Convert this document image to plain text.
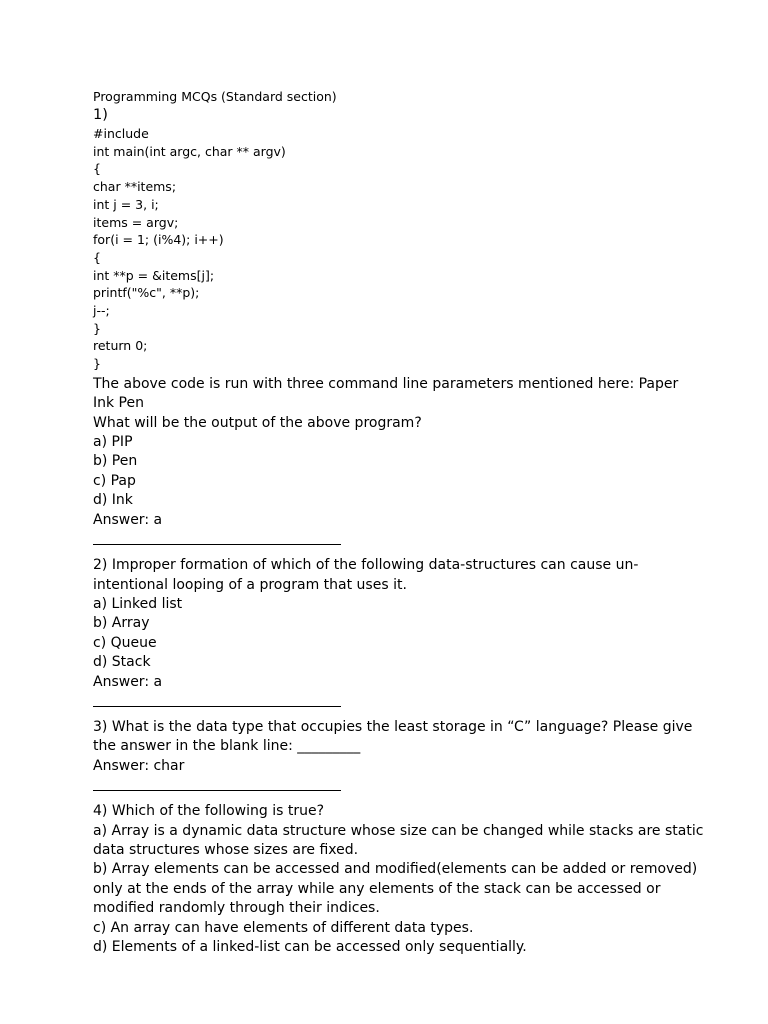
Programming MCQs (Standard section)
1)
#include
int main(int argc, char ** argv)
{
char **items;
int j = 3, i;
items = argv;
for(i = 1; (i%4); i++)
{
int **p = &items[j];
printf("%c", **p);
j--;
}
return 0;
}
The above code is run with three command line parameters mentioned here: Paper
Ink Pen
What will be the output of the above program?
a) PIP
b) Pen
c) Pap
d) Ink
Answer: a
2) Improper formation of which of the following data-structures can cause un-
intentional looping of a program that uses it.
a) Linked list
b) Array
c) Queue
d) Stack
Answer: a
3) What is the data type that occupies the least storage in “C” language? Please give
the answer in the blank line: _________
Answer: char
4) Which of the following is true?
a) Array is a dynamic data structure whose size can be changed while stacks are static
data structures whose sizes are fixed.
b) Array elements can be accessed and modified(elements can be added or removed)
only at the ends of the array while any elements of the stack can be accessed or
modified randomly through their indices.
c) An array can have elements of different data types.
d) Elements of a linked-list can be accessed only sequentially.
